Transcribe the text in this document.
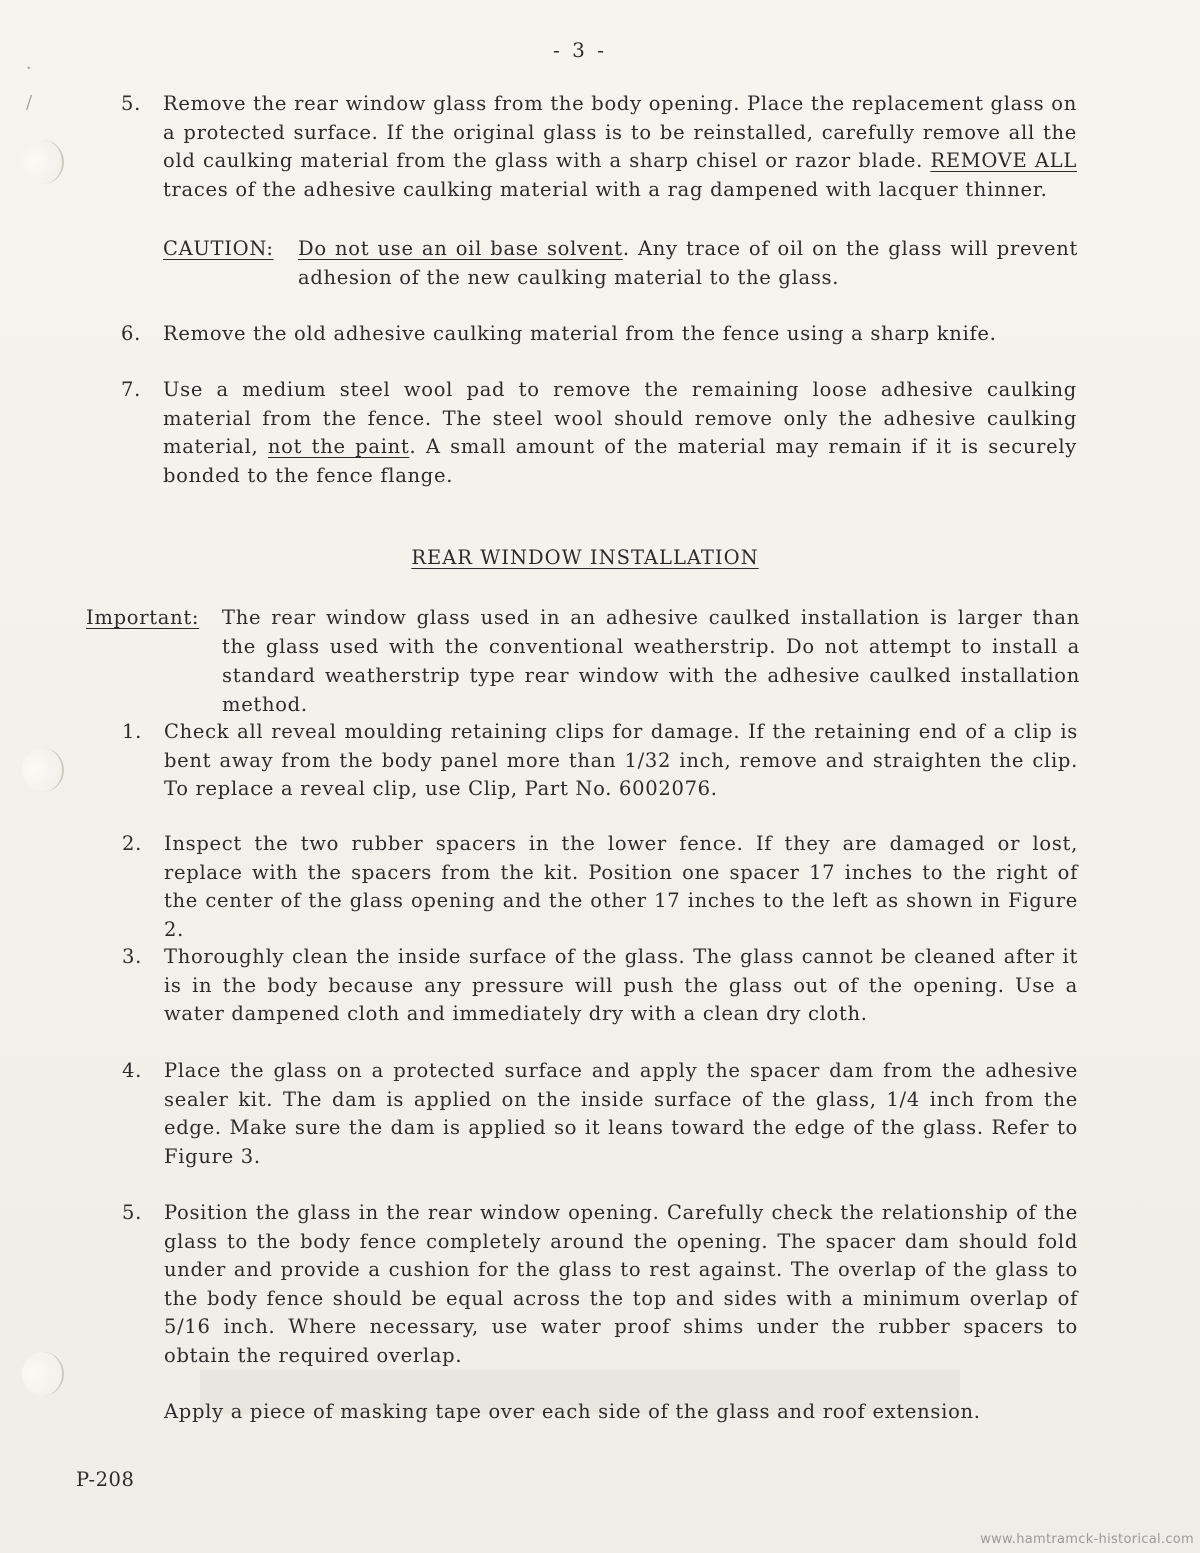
·
/
- 3 -
5. Remove the rear window glass from the body opening. Place the replacement glass on a protected surface. If the original glass is to be reinstalled, carefully remove all the old caulking material from the glass with a sharp chisel or razor blade. REMOVE ALL traces of the adhesive caulking material with a rag dampened with lacquer thinner.
CAUTION: Do not use an oil base solvent. Any trace of oil on the glass will prevent adhesion of the new caulking material to the glass.
6. Remove the old adhesive caulking material from the fence using a sharp knife.
7. Use a medium steel wool pad to remove the remaining loose adhesive caulking material from the fence. The steel wool should remove only the adhesive caulking material, not the paint. A small amount of the material may remain if it is securely bonded to the fence flange.
REAR WINDOW INSTALLATION
Important: The rear window glass used in an adhesive caulked installation is larger than the glass used with the conventional weatherstrip. Do not attempt to install a standard weatherstrip type rear window with the adhesive caulked installation method.
1. Check all reveal moulding retaining clips for damage. If the retaining end of a clip is bent away from the body panel more than 1/32 inch, remove and straighten the clip. To replace a reveal clip, use Clip, Part No. 6002076.
2. Inspect the two rubber spacers in the lower fence. If they are damaged or lost, replace with the spacers from the kit. Position one spacer 17 inches to the right of the center of the glass opening and the other 17 inches to the left as shown in Figure 2.
3. Thoroughly clean the inside surface of the glass. The glass cannot be cleaned after it is in the body because any pressure will push the glass out of the opening. Use a water dampened cloth and immediately dry with a clean dry cloth.
4. Place the glass on a protected surface and apply the spacer dam from the adhesive sealer kit. The dam is applied on the inside surface of the glass, 1/4 inch from the edge. Make sure the dam is applied so it leans toward the edge of the glass. Refer to Figure 3.
5. Position the glass in the rear window opening. Carefully check the relationship of the glass to the body fence completely around the opening. The spacer dam should fold under and provide a cushion for the glass to rest against. The overlap of the glass to the body fence should be equal across the top and sides with a minimum overlap of 5/16 inch. Where necessary, use water proof shims under the rubber spacers to obtain the required overlap.
Apply a piece of masking tape over each side of the glass and roof extension.
P-208
www.hamtramck-historical.com
